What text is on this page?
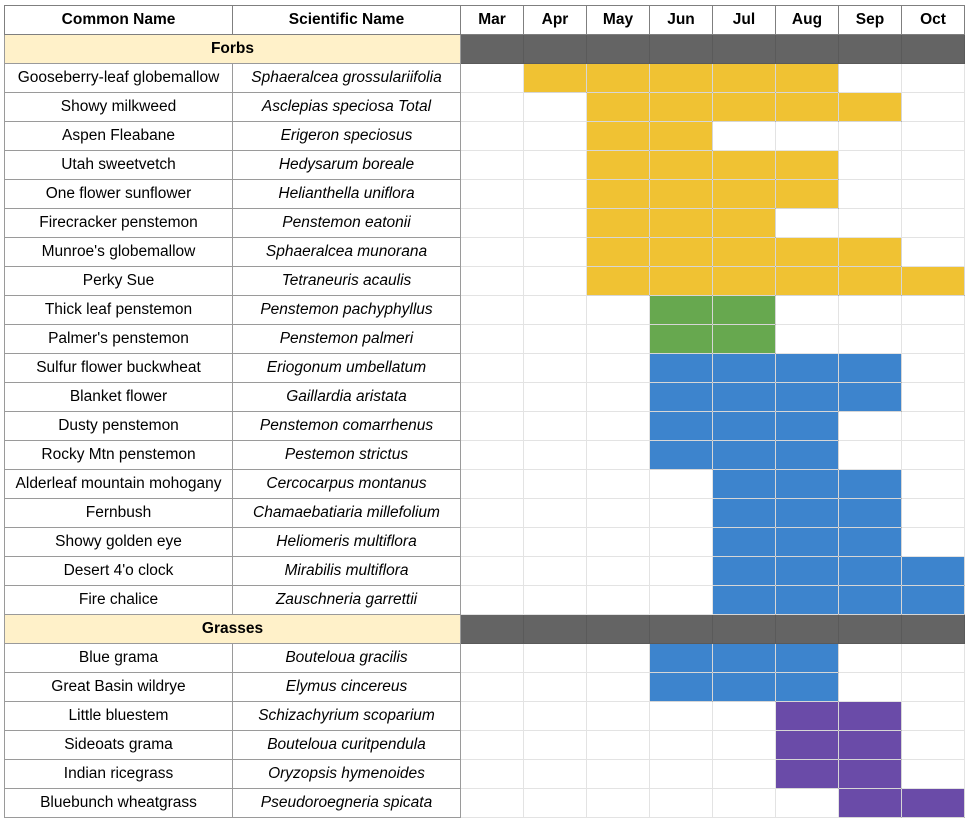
Common Name	Scientific Name	Mar	Apr	May	Jun	Jul	Aug	Sep	Oct
Forbs									
Gooseberry-leaf globemallow	Sphaeralcea grossulariifolia								
Showy milkweed	Asclepias speciosa Total								
Aspen Fleabane	Erigeron speciosus								
Utah sweetvetch	Hedysarum boreale								
One flower sunflower	Helianthella uniflora								
Firecracker penstemon	Penstemon eatonii								
Munroe's globemallow	Sphaeralcea munorana								
Perky Sue	Tetraneuris acaulis								
Thick leaf penstemon	Penstemon pachyphyllus								
Palmer's penstemon	Penstemon palmeri								
Sulfur flower buckwheat	Eriogonum umbellatum								
Blanket flower	Gaillardia aristata								
Dusty penstemon	Penstemon comarrhenus								
Rocky Mtn penstemon	Pestemon strictus								
Alderleaf mountain mohogany	Cercocarpus montanus								
Fernbush	Chamaebatiaria millefolium								
Showy golden eye	Heliomeris multiflora								
Desert 4'o clock	Mirabilis multiflora								
Fire chalice	Zauschneria garrettii								
Grasses									
Blue grama	Bouteloua gracilis								
Great Basin wildrye	Elymus cincereus								
Little bluestem	Schizachyrium scoparium								
Sideoats grama	Bouteloua curitpendula								
Indian ricegrass	Oryzopsis hymenoides								
Bluebunch wheatgrass	Pseudoroegneria spicata								
